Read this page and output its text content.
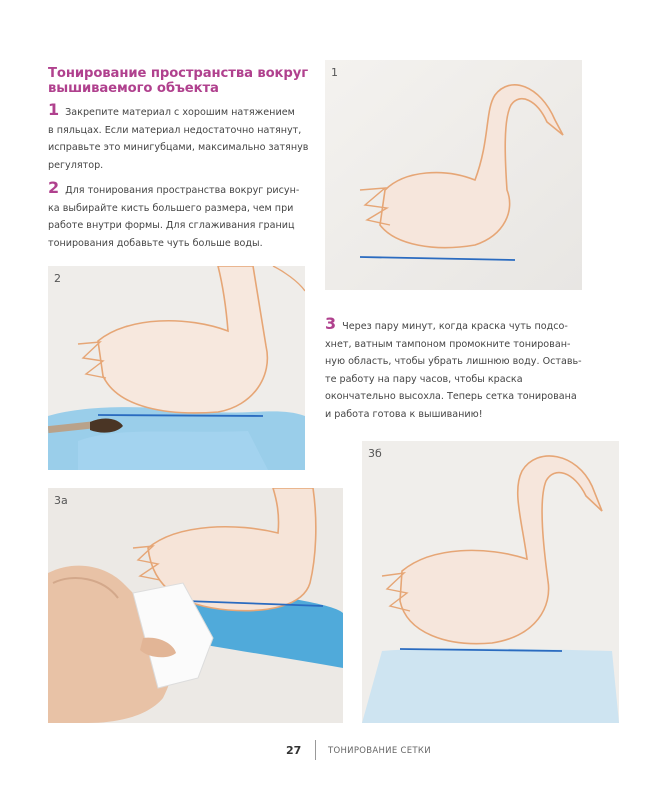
Тонирование пространства вокруг вышиваемого объекта
1 Закрепите материал с хорошим натяжением
в пяльцах. Если материал недостаточно натянут,
исправьте это минигубцами, максимально затянув
регулятор.
2 Для тонирования пространства вокруг рисун-
ка выбирайте кисть большего размера, чем при
работе внутри формы. Для сглаживания границ
тонирования добавьте чуть больше воды.
3 Через пару минут, когда краска чуть подсо-
хнет, ватным тампоном промокните тонирован-
ную область, чтобы убрать лишнюю воду. Оставь-
те работу на пару часов, чтобы краска
окончательно высохла. Теперь сетка тонирована
и работа готова к вышиванию!
1
2
3а
3б
27	ТОНИРОВАНИЕ СЕТКИ
